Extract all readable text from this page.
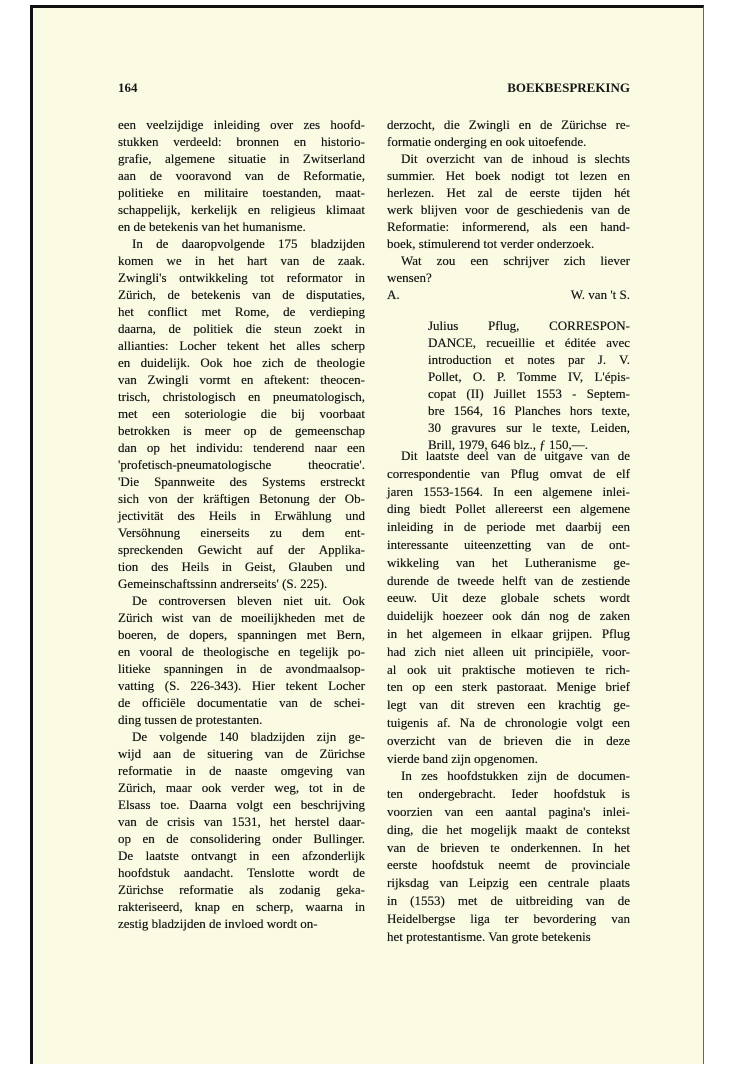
164	BOEKBESPREKING
een veelzijdige inleiding over zes hoofd-
stukken verdeeld: bronnen en historio-
grafie, algemene situatie in Zwitserland
aan de vooravond van de Reformatie,
politieke en militaire toestanden, maat-
schappelijk, kerkelijk en religieus klimaat
en de betekenis van het humanisme.
In de daaropvolgende 175 bladzijden
komen we in het hart van de zaak.
Zwingli's ontwikkeling tot reformator in
Zürich, de betekenis van de disputaties,
het conflict met Rome, de verdieping
daarna, de politiek die steun zoekt in
allianties: Locher tekent het alles scherp
en duidelijk. Ook hoe zich de theologie
van Zwingli vormt en aftekent: theocen-
trisch, christologisch en pneumatologisch,
met een soteriologie die bij voorbaat
betrokken is meer op de gemeenschap
dan op het individu: tenderend naar een
'profetisch-pneumatologische theocratie'.
'Die Spannweite des Systems erstreckt
sich von der kräftigen Betonung der Ob-
jectivität des Heils in Erwählung und
Versöhnung einerseits zu dem ent-
spreckenden Gewicht auf der Applika-
tion des Heils in Geist, Glauben und
Gemeinschaftssinn andrerseits' (S. 225).
De controversen bleven niet uit. Ook
Zürich wist van de moeilijkheden met de
boeren, de dopers, spanningen met Bern,
en vooral de theologische en tegelijk po-
litieke spanningen in de avondmaalsop-
vatting (S. 226-343). Hier tekent Locher
de officiële documentatie van de schei-
ding tussen de protestanten.
De volgende 140 bladzijden zijn ge-
wijd aan de situering van de Zürichse
reformatie in de naaste omgeving van
Zürich, maar ook verder weg, tot in de
Elsass toe. Daarna volgt een beschrijving
van de crisis van 1531, het herstel daar-
op en de consolidering onder Bullinger.
De laatste ontvangt in een afzonderlijk
hoofdstuk aandacht. Tenslotte wordt de
Zürichse reformatie als zodanig geka-
rakteriseerd, knap en scherp, waarna in
zestig bladzijden de invloed wordt on-
derzocht, die Zwingli en de Zürichse re-
formatie onderging en ook uitoefende.
Dit overzicht van de inhoud is slechts
summier. Het boek nodigt tot lezen en
herlezen. Het zal de eerste tijden hét
werk blijven voor de geschiedenis van de
Reformatie: informerend, als een hand-
boek, stimulerend tot verder onderzoek.
Wat zou een schrijver zich liever
wensen?
A.	W. van 't S.
Julius Pflug, CORRESPON-
DANCE, recueillie et éditée avec
introduction et notes par J. V.
Pollet, O. P. Tomme IV, L'épis-
copat (II) Juillet 1553 - Septem-
bre 1564, 16 Planches hors texte,
30 gravures sur le texte, Leiden,
Brill, 1979, 646 blz., ƒ 150,—.
Dit laatste deel van de uitgave van de
correspondentie van Pflug omvat de elf
jaren 1553-1564. In een algemene inlei-
ding biedt Pollet allereerst een algemene
inleiding in de periode met daarbij een
interessante uiteenzetting van de ont-
wikkeling van het Lutheranisme ge-
durende de tweede helft van de zestiende
eeuw. Uit deze globale schets wordt
duidelijk hoezeer ook dán nog de zaken
in het algemeen in elkaar grijpen. Pflug
had zich niet alleen uit principiële, voor-
al ook uit praktische motieven te rich-
ten op een sterk pastoraat. Menige brief
legt van dit streven een krachtig ge-
tuigenis af. Na de chronologie volgt een
overzicht van de brieven die in deze
vierde band zijn opgenomen.
In zes hoofdstukken zijn de documen-
ten ondergebracht. Ieder hoofdstuk is
voorzien van een aantal pagina's inlei-
ding, die het mogelijk maakt de contekst
van de brieven te onderkennen. In het
eerste hoofdstuk neemt de provinciale
rijksdag van Leipzig een centrale plaats
in (1553) met de uitbreiding van de
Heidelbergse liga ter bevordering van
het protestantisme. Van grote betekenis
